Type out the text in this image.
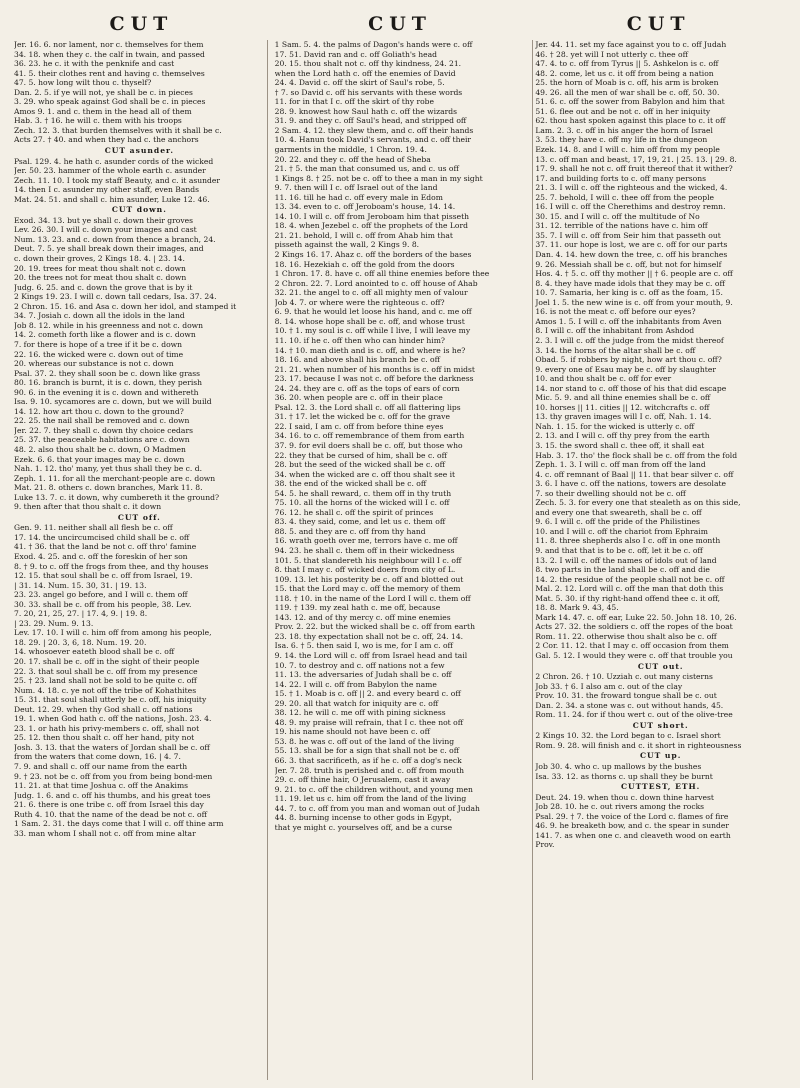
CUT	CUT	CUT

Jer. 16. 6. nor lament, nor c. themselves for them

34. 18. when they c. the calf in twain, and passed

36. 23. he c. it with the penknife and cast

41. 5. their clothes rent and having c. themselves

47. 5. how long wilt thou c. thyself?

Dan. 2. 5. if ye will not, ye shall be c. in pieces

3. 29. who speak against God shall be c. in pieces

Amos 9. 1. and c. them in the head all of them

Hab. 3. † 16. he will c. them with his troops

Zech. 12. 3. that burden themselves with it shall be c.

Acts 27. † 40. and when they had c. the anchors

CUT asunder.

Psal. 129. 4. he hath c. asunder cords of the wicked

Jer. 50. 23. hammer of the whole earth c. asunder

Zech. 11. 10. I took my staff Beauty, and c. it asunder

14. then I c. asunder my other staff, even Bands

Mat. 24. 51. and shall c. him asunder, Luke 12. 46.

CUT down.

Exod. 34. 13. but ye shall c. down their groves

Lev. 26. 30. I will c. down your images and cast

Num. 13. 23. and c. down from thence a branch, 24.

Deut. 7. 5. ye shall break down their images, and

c. down their groves, 2 Kings 18. 4. | 23. 14.

20. 19. trees for meat thou shalt not c. down

20. the trees not for meat thou shalt c. down

Judg. 6. 25. and c. down the grove that is by it

2 Kings 19. 23. I will c. down tall cedars, Isa. 37. 24.

2 Chron. 15. 16. and Asa c. down her idol, and stamped it

34. 7. Josiah c. down all the idols in the land

Job 8. 12. while in his greenness and not c. down

14. 2. cometh forth like a flower and is c. down

7. for there is hope of a tree if it be c. down

22. 16. the wicked were c. down out of time

20. whereas our substance is not c. down

Psal. 37. 2. they shall soon be c. down like grass

80. 16. branch is burnt, it is c. down, they perish

90. 6. in the evening it is c. down and withereth

Isa. 9. 10. sycamores are c. down, but we will build

14. 12. how art thou c. down to the ground?

22. 25. the nail shall be removed and c. down

Jer. 22. 7. they shall c. down thy choice cedars

25. 37. the peaceable habitations are c. down

48. 2. also thou shalt be c. down, O Madmen

Ezek. 6. 6. that your images may be c. down

Nah. 1. 12. tho' many, yet thus shall they be c. d.

Zeph. 1. 11. for all the merchant-people are c. down

Mat. 21. 8. others c. down branches, Mark 11. 8.

Luke 13. 7. c. it down, why cumbereth it the ground?

9. then after that thou shalt c. it down

CUT off.

Gen. 9. 11. neither shall all flesh be c. off

17. 14. the uncircumcised child shall be c. off

41. † 36. that the land be not c. off thro' famine

Exod. 4. 25. and c. off the foreskin of her son

8. † 9. to c. off the frogs from thee, and thy houses

12. 15. that soul shall be c. off from Israel, 19.

| 31. 14. Num. 15. 30, 31. | 19. 13.

23. 23. angel go before, and I will c. them off

30. 33. shall be c. off from his people, 38. Lev.

7. 20, 21, 25, 27. | 17. 4, 9. | 19. 8.

| 23. 29. Num. 9. 13.

Lev. 17. 10. I will c. him off from among his people,

18. 29. | 20. 3, 6, 18. Num. 19. 20.

14. whosoever eateth blood shall be c. off

20. 17. shall be c. off in the sight of their people

22. 3. that soul shall be c. off from my presence

25. † 23. land shall not be sold to be quite c. off

Num. 4. 18. c. ye not off the tribe of Kohathites

15. 31. that soul shall utterly be c. off, his iniquity

Deut. 12. 29. when thy God shall c. off nations

19. 1. when God hath c. off the nations, Josh. 23. 4.

23. 1. or hath his privy-members c. off, shall not

25. 12. then thou shalt c. off her hand, pity not

Josh. 3. 13. that the waters of Jordan shall be c. off

from the waters that come down, 16. | 4. 7.

7. 9. and shall c. off our name from the earth

9. † 23. not be c. off from you from being bond-men

11. 21. at that time Joshua c. off the Anakims

Judg. 1. 6. and c. off his thumbs, and his great toes

21. 6. there is one tribe c. off from Israel this day

Ruth 4. 10. that the name of the dead be not c. off

1 Sam. 2. 31. the days come that I will c. off thine arm

33. man whom I shall not c. off from mine altar

1 Sam. 5. 4. the palms of Dagon's hands were c. off

17. 51. David ran and c. off Goliath's head

20. 15. thou shalt not c. off thy kindness, 24. 21.

when the Lord hath c. off the enemies of David

24. 4. David c. off the skirt of Saul's robe, 5.

† 7. so David c. off his servants with these words

11. for in that I c. off the skirt of thy robe

28. 9. knowest how Saul hath c. off the wizards

31. 9. and they c. off Saul's head, and stripped off

2 Sam. 4. 12. they slew them, and c. off their hands

10. 4. Hanun took David's servants, and c. off their

garments in the middle, 1 Chron. 19. 4.

20. 22. and they c. off the head of Sheba

21. † 5. the man that consumed us, and c. us off

1 Kings 8. † 25. not be c. off to thee a man in my sight

9. 7. then will I c. off Israel out of the land

11. 16. till he had c. off every male in Edom

13. 34. even to c. off Jeroboam's house, 14. 14.

14. 10. I will c. off from Jeroboam him that pisseth

18. 4. when Jezebel c. off the prophets of the Lord

21. 21. behold, I will c. off from Ahab him that

pisseth against the wall, 2 Kings 9. 8.

2 Kings 16. 17. Ahaz c. off the borders of the bases

18. 16. Hezekiah c. off the gold from the doors

1 Chron. 17. 8. have c. off all thine enemies before thee

2 Chron. 22. 7. Lord anointed to c. off house of Ahab

32. 21. the angel to c. off all mighty men of valour

Job 4. 7. or where were the righteous c. off?

6. 9. that he would let loose his hand, and c. me off

8. 14. whose hope shall be c. off, and whose trust

10. † 1. my soul is c. off while I live, I will leave my

11. 10. if he c. off then who can hinder him?

14. † 10. man dieth and is c. off, and where is he?

18. 16. and above shall his branch be c. off

21. 21. when number of his months is c. off in midst

23. 17. because I was not c. off before the darkness

24. 24. they are c. off as the tops of ears of corn

36. 20. when people are c. off in their place

Psal. 12. 3. the Lord shall c. off all flattering lips

31. † 17. let the wicked be c. off for the grave

22. I said, I am c. off from before thine eyes

34. 16. to c. off remembrance of them from earth

37. 9. for evil doers shall be c. off, but those who

22. they that be cursed of him, shall be c. off

28. but the seed of the wicked shall be c. off

34. when the wicked are c. off thou shalt see it

38. the end of the wicked shall be c. off

54. 5. he shall reward, c. them off in thy truth

75. 10. all the horns of the wicked will I c. off

76. 12. he shall c. off the spirit of princes

83. 4. they said, come, and let us c. them off

88. 5. and they are c. off from thy hand

16. wrath goeth over me, terrors have c. me off

94. 23. he shall c. them off in their wickedness

101. 5. that slandereth his neighbour will I c. off

8. that I may c. off wicked doers from city of L.

109. 13. let his posterity be c. off and blotted out

15. that the Lord may c. off the memory of them

118. † 10. in the name of the Lord I will c. them off

119. † 139. my zeal hath c. me off, because

143. 12. and of thy mercy c. off mine enemies

Prov. 2. 22. but the wicked shall be c. off from earth

23. 18. thy expectation shall not be c. off, 24. 14.

Isa. 6. † 5. then said I, wo is me, for I am c. off

9. 14. the Lord will c. off from Israel head and tail

10. 7. to destroy and c. off nations not a few

11. 13. the adversaries of Judah shall be c. off

14. 22. I will c. off from Babylon the name

15. † 1. Moab is c. off || 2. and every beard c. off

29. 20. all that watch for iniquity are c. off

38. 12. he will c. me off with pining sickness

48. 9. my praise will refrain, that I c. thee not off

19. his name should not have been c. off

53. 8. he was c. off out of the land of the living

55. 13. shall be for a sign that shall not be c. off

66. 3. that sacrificeth, as if he c. off a dog's neck

Jer. 7. 28. truth is perished and c. off from mouth

29. c. off thine hair, O Jerusalem, cast it away

9. 21. to c. off the children without, and young men

11. 19. let us c. him off from the land of the living

44. 7. to c. off from you man and woman out of Judah

44. 8. burning incense to other gods in Egypt,

that ye might c. yourselves off, and be a curse

Jer. 44. 11. set my face against you to c. off Judah

46. † 28. yet will I not utterly c. thee off

47. 4. to c. off from Tyrus || 5. Ashkelon is c. off

48. 2. come, let us c. it off from being a nation

25. the horn of Moab is c. off, his arm is broken

49. 26. all the men of war shall be c. off, 50. 30.

51. 6. c. off the sower from Babylon and him that

51. 6. flee out and be not c. off in her iniquity

62. thou hast spoken against this place to c. it off

Lam. 2. 3. c. off in his anger the horn of Israel

3. 53. they have c. off my life in the dungeon

Ezek. 14. 8. and I will c. him off from my people

13. c. off man and beast, 17, 19, 21. | 25. 13. | 29. 8.

17. 9. shall he not c. off fruit thereof that it wither?

17. and building forts to c. off many persons

21. 3. I will c. off the righteous and the wicked, 4.

25. 7. behold, I will c. thee off from the people

16. I will c. off the Cherethims and destroy remn.

30. 15. and I will c. off the multitude of No

31. 12. terrible of the nations have c. him off

35. 7. I will c. off from Seir him that passeth out

37. 11. our hope is lost, we are c. off for our parts

Dan. 4. 14. hew down the tree, c. off his branches

9. 26. Messiah shall be c. off, but not for himself

Hos. 4. † 5. c. off thy mother || † 6. people are c. off

8. 4. they have made idols that they may be c. off

10. 7. Samaria, her king is c. off as the foam, 15.

Joel 1. 5. the new wine is c. off from your mouth, 9.

16. is not the meat c. off before our eyes?

Amos 1. 5. I will c. off the inhabitants from Aven

8. I will c. off the inhabitant from Ashdod

2. 3. I will c. off the judge from the midst thereof

3. 14. the horns of the altar shall be c. off

Obad. 5. if robbers by night, how art thou c. off?

9. every one of Esau may be c. off by slaughter

10. and thou shalt be c. off for ever

14. nor stand to c. off those of his that did escape

Mic. 5. 9. and all thine enemies shall be c. off

10. horses || 11. cities || 12. witchcrafts c. off

13. thy graven images will I c. off, Nah. 1. 14.

Nah. 1. 15. for the wicked is utterly c. off

2. 13. and I will c. off thy prey from the earth

3. 15. the sword shall c. thee off, it shall eat

Hab. 3. 17. tho' the flock shall be c. off from the fold

Zeph. 1. 3. I will c. off man from off the land

4. c. off remnant of Baal || 11. that bear silver c. off

3. 6. I have c. off the nations, towers are desolate

7. so their dwelling should not be c. off

Zech. 5. 3. for every one that stealeth as on this side,

and every one that sweareth, shall be c. off

9. 6. I will c. off the pride of the Philistines

10. and I will c. off the chariot from Ephraim

11. 8. three shepherds also I c. off in one month

9. and that that is to be c. off, let it be c. off

13. 2. I will c. off the names of idols out of land

8. two parts in the land shall be c. off and die

14. 2. the residue of the people shall not be c. off

Mal. 2. 12. Lord will c. off the man that doth this

Mat. 5. 30. if thy right-hand offend thee c. it off,

18. 8. Mark 9. 43, 45.

Mark 14. 47. c. off ear, Luke 22. 50. John 18. 10, 26.

Acts 27. 32. the soldiers c. off the ropes of the boat

Rom. 11. 22. otherwise thou shalt also be c. off

2 Cor. 11. 12. that I may c. off occasion from them

Gal. 5. 12. I would they were c. off that trouble you

CUT out.

2 Chron. 26. † 10. Uzziah c. out many cisterns

Job 33. † 6. I also am c. out of the clay

Prov. 10. 31. the froward tongue shall be c. out

Dan. 2. 34. a stone was c. out without hands, 45.

Rom. 11. 24. for if thou wert c. out of the olive-tree

CUT short.

2 Kings 10. 32. the Lord began to c. Israel short

Rom. 9. 28. will finish and c. it short in righteousness

CUT up.

Job 30. 4. who c. up mallows by the bushes

Isa. 33. 12. as thorns c. up shall they be burnt

CUTTEST, ETH.

Deut. 24. 19. when thou c. down thine harvest

Job 28. 10. he c. out rivers among the rocks

Psal. 29. † 7. the voice of the Lord c. flames of fire

46. 9. he breaketh bow, and c. the spear in sunder

141. 7. as when one c. and cleaveth wood on earth

Prov.
